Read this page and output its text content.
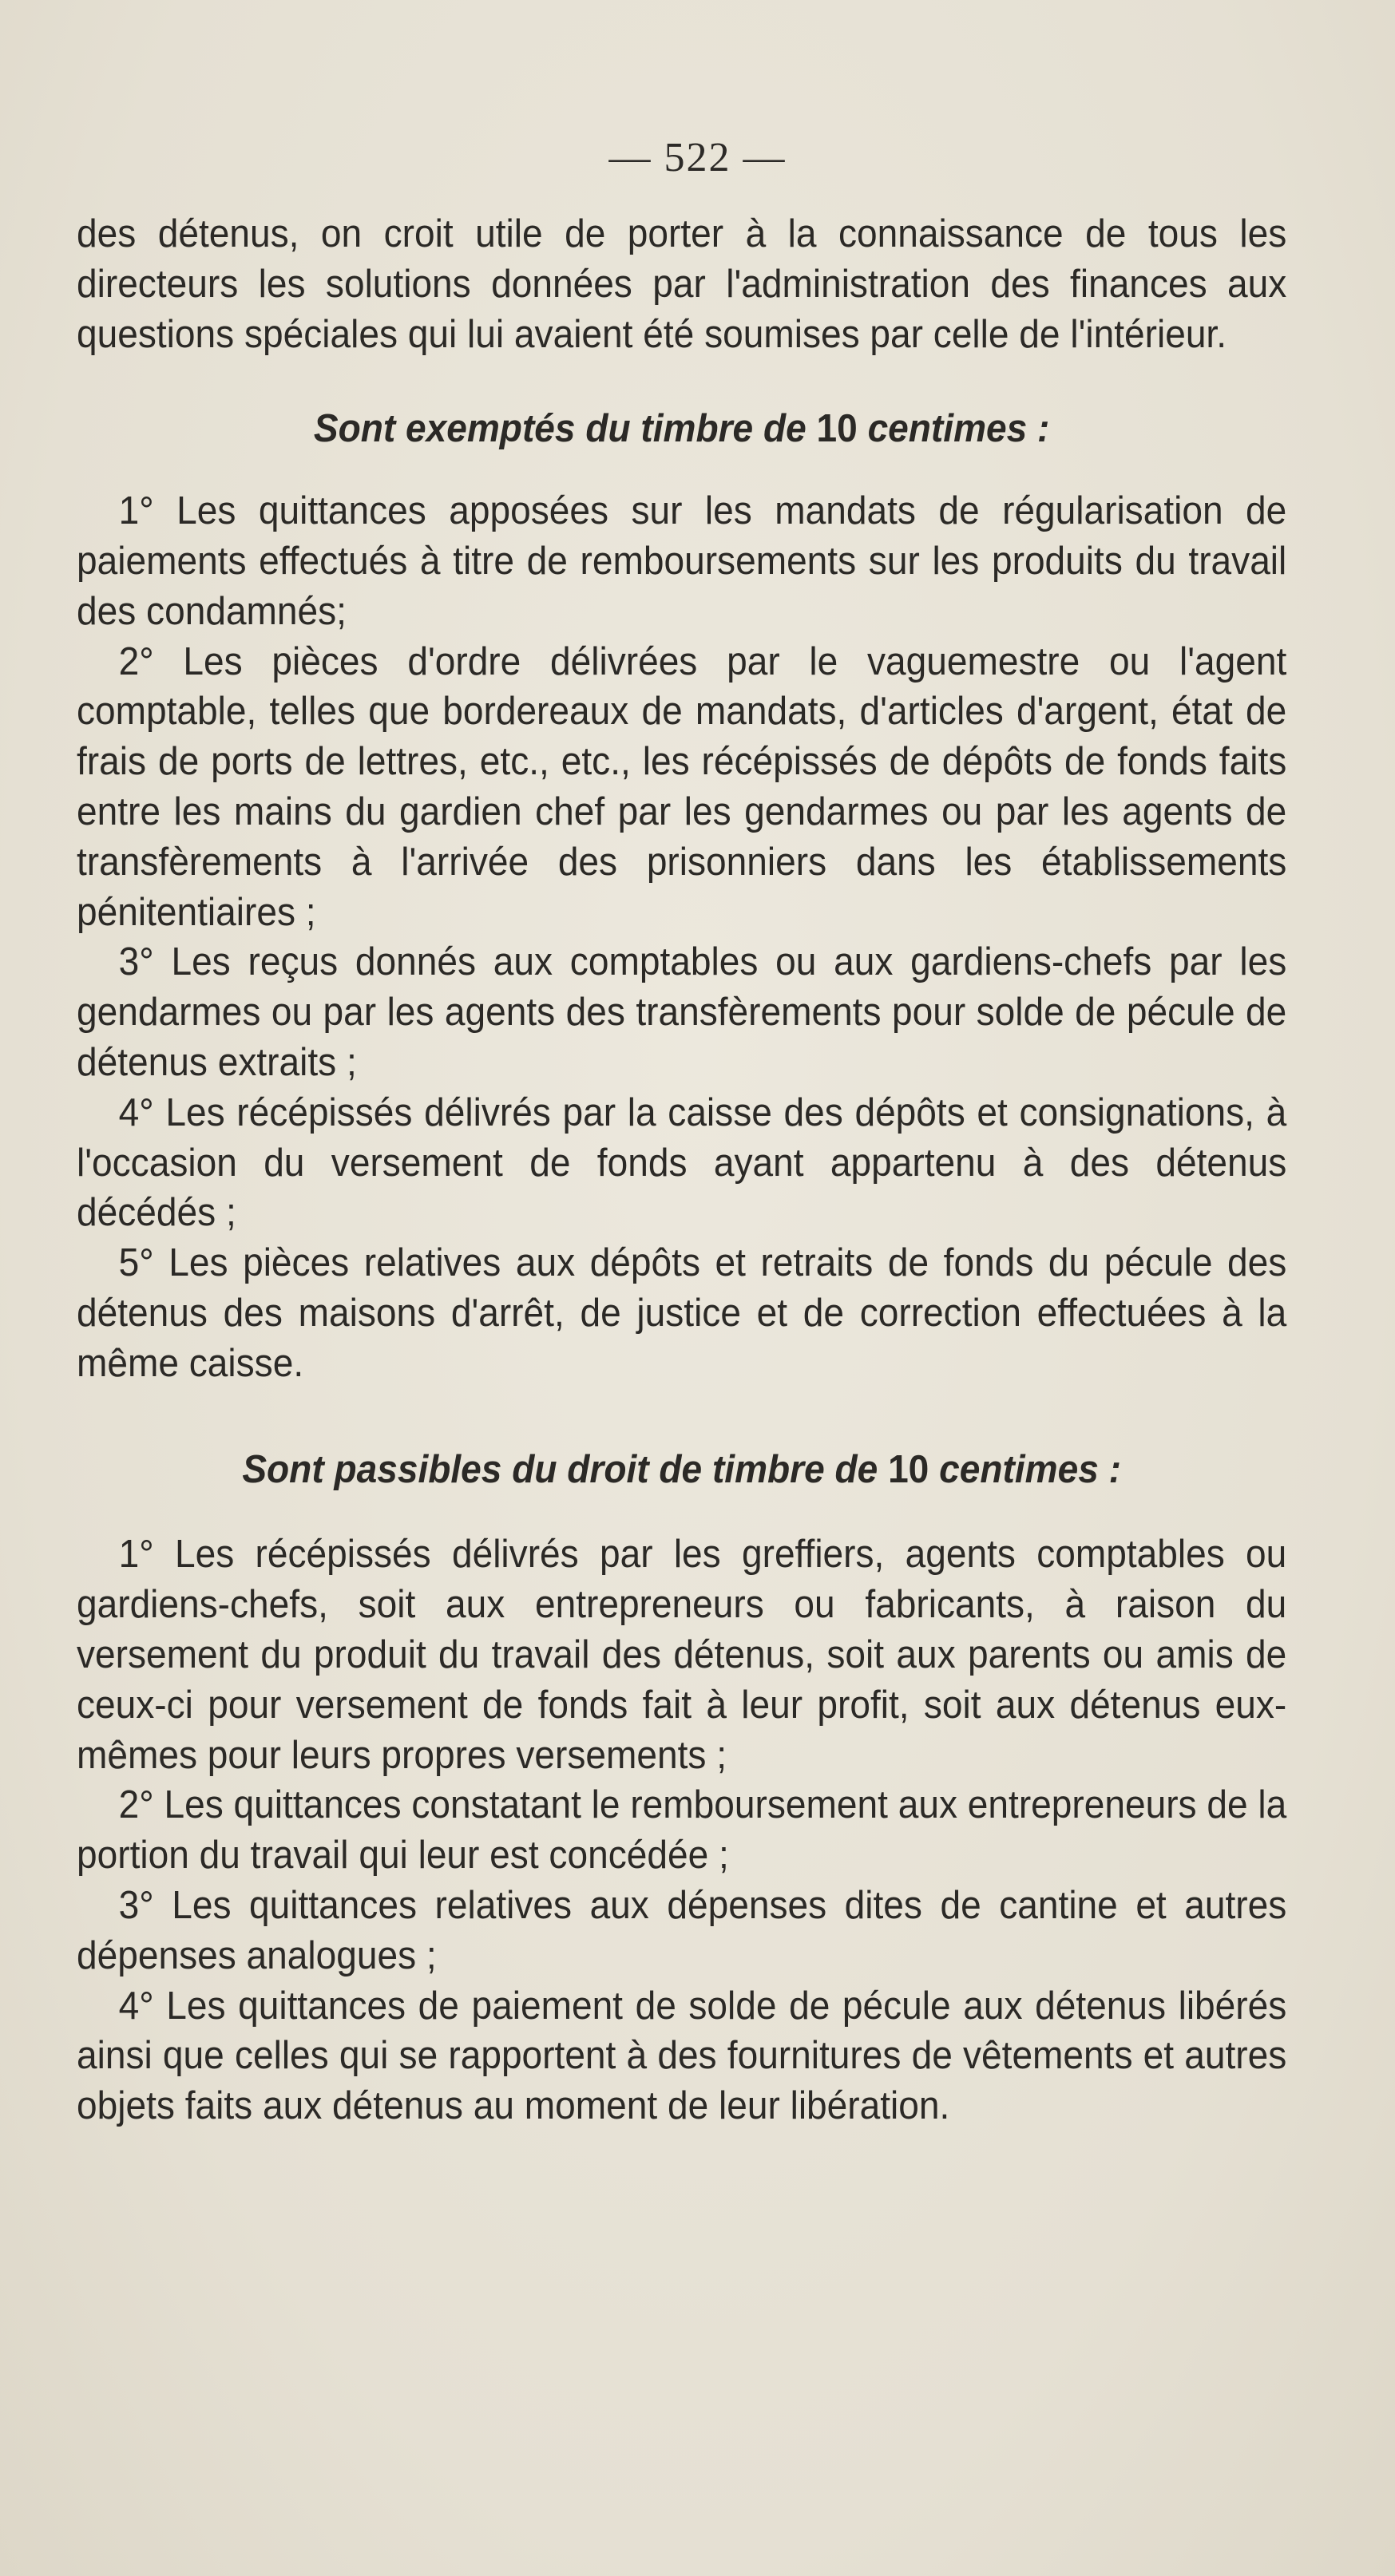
— 522 —

des détenus, on croit utile de porter à la connaissance de tous les directeurs les solutions données par l'administration des finances aux questions spéciales qui lui avaient été soumises par celle de l'intérieur.

Sont exemptés du timbre de 10 centimes :

1° Les quittances apposées sur les mandats de régularisation de paiements effectués à titre de remboursements sur les produits du travail des condamnés;

2° Les pièces d'ordre délivrées par le vaguemestre ou l'agent comptable, telles que bordereaux de mandats, d'articles d'argent, état de frais de ports de lettres, etc., etc., les récépissés de dépôts de fonds faits entre les mains du gardien chef par les gendarmes ou par les agents de transfèrements à l'arrivée des prisonniers dans les établissements pénitentiaires ;

3° Les reçus donnés aux comptables ou aux gardiens-chefs par les gendarmes ou par les agents des transfèrements pour solde de pécule de détenus extraits ;

4° Les récépissés délivrés par la caisse des dépôts et consignations, à l'occasion du versement de fonds ayant appartenu à des détenus décédés ;

5° Les pièces relatives aux dépôts et retraits de fonds du pécule des détenus des maisons d'arrêt, de justice et de correction effectuées à la même caisse.

Sont passibles du droit de timbre de 10 centimes :

1° Les récépissés délivrés par les greffiers, agents comptables ou gardiens-chefs, soit aux entrepreneurs ou fabricants, à raison du versement du produit du travail des détenus, soit aux parents ou amis de ceux-ci pour versement de fonds fait à leur profit, soit aux détenus eux-mêmes pour leurs propres versements ;

2° Les quittances constatant le remboursement aux entrepreneurs de la portion du travail qui leur est concédée ;

3° Les quittances relatives aux dépenses dites de cantine et autres dépenses analogues ;

4° Les quittances de paiement de solde de pécule aux détenus libérés ainsi que celles qui se rapportent à des fournitures de vêtements et autres objets faits aux détenus au moment de leur libération.
